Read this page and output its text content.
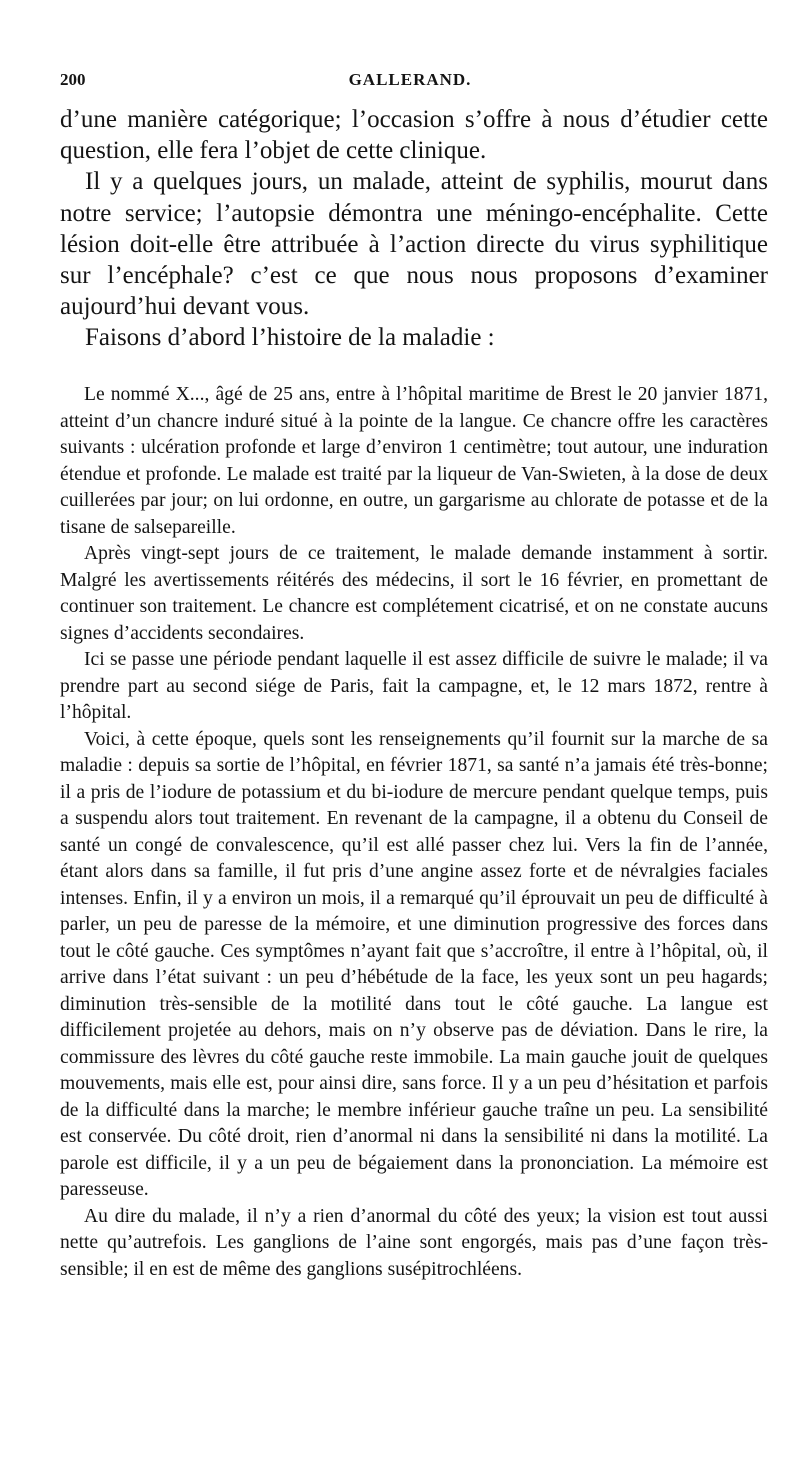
200	GALLERAND.

d’une manière catégorique; l’occasion s’offre à nous d’étudier cette question, elle fera l’objet de cette clinique.

Il y a quelques jours, un malade, atteint de syphilis, mourut dans notre service; l’autopsie démontra une méningo-encéphalite. Cette lésion doit-elle être attribuée à l’action directe du virus syphilitique sur l’encéphale? c’est ce que nous nous proposons d’examiner aujourd’hui devant vous.

Faisons d’abord l’histoire de la maladie :

Le nommé X..., âgé de 25 ans, entre à l’hôpital maritime de Brest le 20 janvier 1871, atteint d’un chancre induré situé à la pointe de la langue. Ce chancre offre les caractères suivants : ulcération profonde et large d’environ 1 centimètre; tout autour, une induration étendue et profonde. Le malade est traité par la liqueur de Van-Swieten, à la dose de deux cuillerées par jour; on lui ordonne, en outre, un gargarisme au chlorate de potasse et de la tisane de salsepareille.

Après vingt-sept jours de ce traitement, le malade demande instamment à sortir. Malgré les avertissements réitérés des médecins, il sort le 16 février, en promettant de continuer son traitement. Le chancre est complétement cicatrisé, et on ne constate aucuns signes d’accidents secondaires.

Ici se passe une période pendant laquelle il est assez difficile de suivre le malade; il va prendre part au second siége de Paris, fait la campagne, et, le 12 mars 1872, rentre à l’hôpital.

Voici, à cette époque, quels sont les renseignements qu’il fournit sur la marche de sa maladie : depuis sa sortie de l’hôpital, en février 1871, sa santé n’a jamais été très-bonne; il a pris de l’iodure de potassium et du bi-iodure de mercure pendant quelque temps, puis a suspendu alors tout traitement. En revenant de la campagne, il a obtenu du Conseil de santé un congé de convalescence, qu’il est allé passer chez lui. Vers la fin de l’année, étant alors dans sa famille, il fut pris d’une angine assez forte et de névralgies faciales intenses. Enfin, il y a environ un mois, il a remarqué qu’il éprouvait un peu de difficulté à parler, un peu de paresse de la mémoire, et une diminution progressive des forces dans tout le côté gauche. Ces symptômes n’ayant fait que s’accroître, il entre à l’hôpital, où, il arrive dans l’état suivant : un peu d’hébétude de la face, les yeux sont un peu hagards; diminution très-sensible de la motilité dans tout le côté gauche. La langue est difficilement projetée au dehors, mais on n’y observe pas de déviation. Dans le rire, la commissure des lèvres du côté gauche reste immobile. La main gauche jouit de quelques mouvements, mais elle est, pour ainsi dire, sans force. Il y a un peu d’hésitation et parfois de la difficulté dans la marche; le membre inférieur gauche traîne un peu. La sensibilité est conservée. Du côté droit, rien d’anormal ni dans la sensibilité ni dans la motilité. La parole est difficile, il y a un peu de bégaiement dans la prononciation. La mémoire est paresseuse.

Au dire du malade, il n’y a rien d’anormal du côté des yeux; la vision est tout aussi nette qu’autrefois. Les ganglions de l’aine sont engorgés, mais pas d’une façon très-sensible; il en est de même des ganglions susépitrochléens.
